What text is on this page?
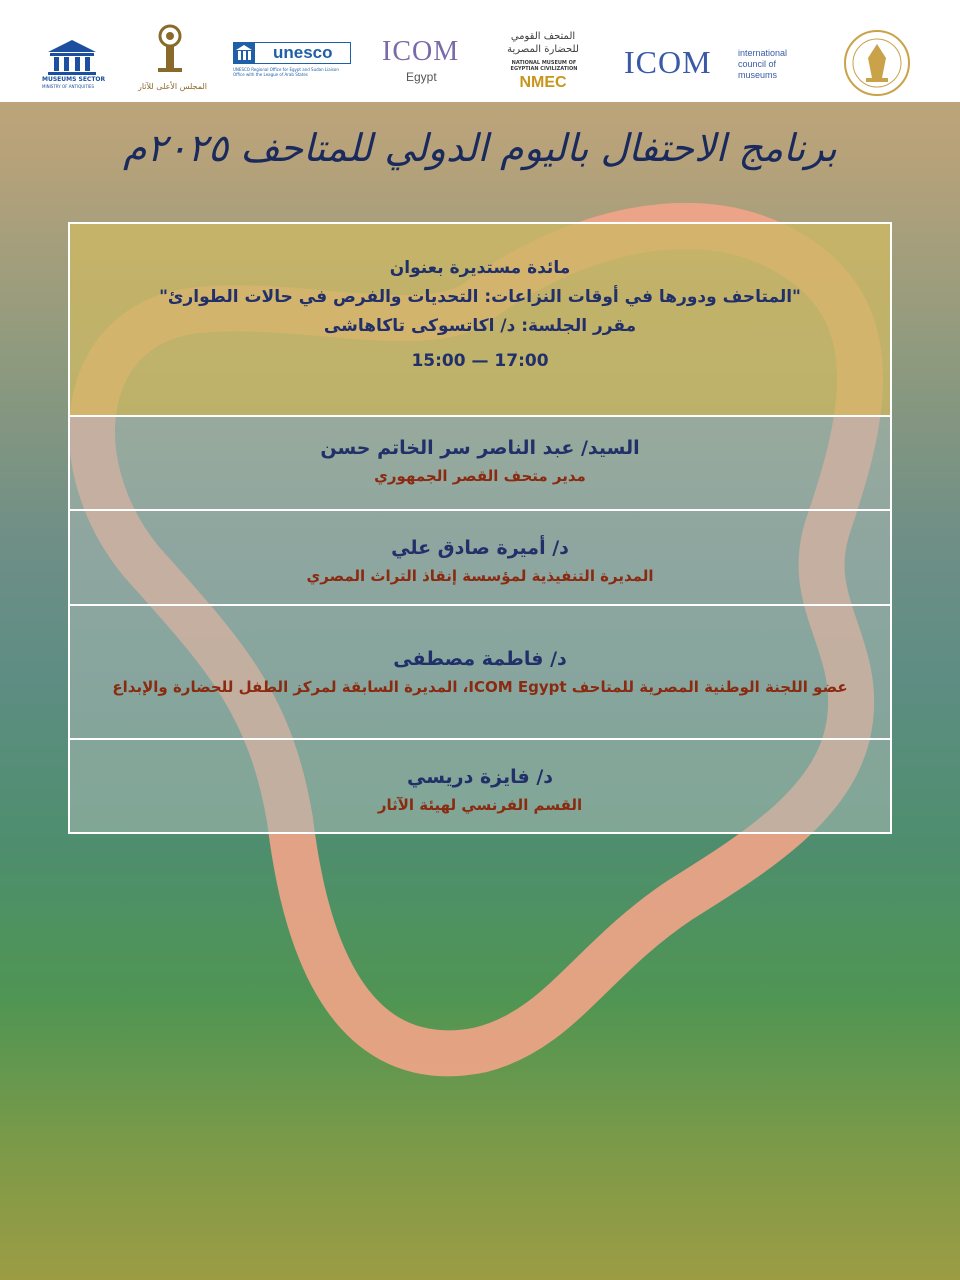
MUSEUMS SECTOR
MINISTRY OF ANTIQUITIES	المجلس الأعلى للآثار
unesco
UNESCO Regional Office for Egypt and Sudan Liaison Office with the League of Arab States
ICOM
Egypt
المتحف القومي للحضارة المصرية
NATIONAL MUSEUM OF EGYPTIAN CIVILIZATION
NMEC
ICOM	international council of museums
برنامج الاحتفال باليوم الدولي للمتاحف ٢٠٢٥م
مائدة مستديرة بعنوان
"المتاحف ودورها في أوقات النزاعات: التحديات والفرص في حالات الطوارئ"
مقرر الجلسة: د/ اكاتسوكى تاكاهاشى
15:00 — 17:00
السيد/ عبد الناصر سر الخاتم حسن
مدير متحف القصر الجمهوري
د/ أميرة صادق علي
المديرة التنفيذية لمؤسسة إنقاذ التراث المصري
د/ فاطمة مصطفى
عضو اللجنة الوطنية المصرية للمتاحف ICOM Egypt، المديرة السابقة لمركز الطفل للحضارة والإبداع
د/ فايزة دريسي
القسم الفرنسي لهيئة الآثار
